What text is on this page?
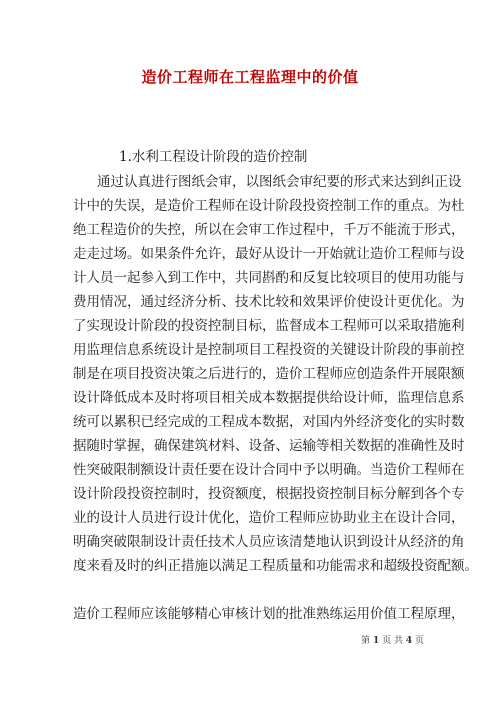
造价工程师在工程监理中的价值
1.水利工程设计阶段的造价控制
通过认真进行图纸会审，以图纸会审纪要的形式来达到纠正设
计中的失误，是造价工程师在设计阶段投资控制工作的重点。为杜
绝工程造价的失控，所以在会审工作过程中，千万不能流于形式，
走走过场。如果条件允许，最好从设计一开始就让造价工程师与设
计人员一起参入到工作中，共同斟酌和反复比较项目的使用功能与
费用情况，通过经济分析、技术比较和效果评价使设计更优化。为
了实现设计阶段的投资控制目标，监督成本工程师可以采取措施利
用监理信息系统设计是控制项目工程投资的关键设计阶段的事前控
制是在项目投资决策之后进行的，造价工程师应创造条件开展限额
设计降低成本及时将项目相关成本数据提供给设计师，监理信息系
统可以累积已经完成的工程成本数据，对国内外经济变化的实时数
据随时掌握，确保建筑材料、设备、运输等相关数据的准确性及时
性突破限制额设计责任要在设计合同中予以明确。当造价工程师在
设计阶段投资控制时，投资额度，根据投资控制目标分解到各个专
业的设计人员进行设计优化，造价工程师应协助业主在设计合同，
明确突破限制设计责任技术人员应该清楚地认识到设计从经济的角
度来看及时的纠正措施以满足工程质量和功能需求和超级投资配额。
造价工程师应该能够精心审核计划的批准熟练运用价值工程原理，
第 1 页 共 4 页
